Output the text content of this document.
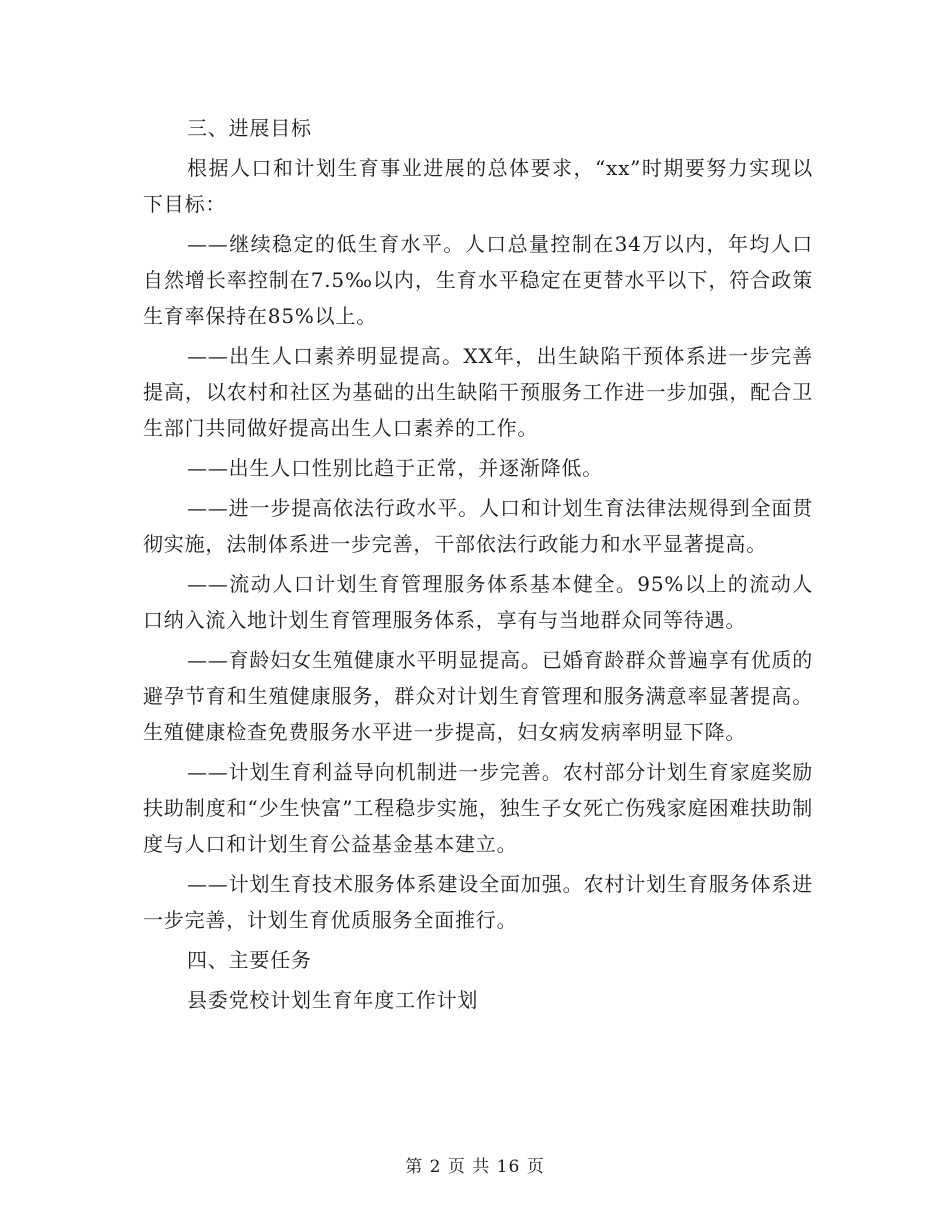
三、进展目标

根据人口和计划生育事业进展的总体要求，“xx”时期要努力实现以下目标：

——继续稳定的低生育水平。人口总量控制在34万以内，年均人口自然增长率控制在7.5‰以内，生育水平稳定在更替水平以下，符合政策生育率保持在85%以上。

——出生人口素养明显提高。XX年，出生缺陷干预体系进一步完善提高，以农村和社区为基础的出生缺陷干预服务工作进一步加强，配合卫生部门共同做好提高出生人口素养的工作。

——出生人口性别比趋于正常，并逐渐降低。

——进一步提高依法行政水平。人口和计划生育法律法规得到全面贯彻实施，法制体系进一步完善，干部依法行政能力和水平显著提高。

——流动人口计划生育管理服务体系基本健全。95%以上的流动人口纳入流入地计划生育管理服务体系，享有与当地群众同等待遇。

——育龄妇女生殖健康水平明显提高。已婚育龄群众普遍享有优质的避孕节育和生殖健康服务，群众对计划生育管理和服务满意率显著提高。生殖健康检查免费服务水平进一步提高，妇女病发病率明显下降。

——计划生育利益导向机制进一步完善。农村部分计划生育家庭奖励扶助制度和“少生快富”工程稳步实施，独生子女死亡伤残家庭困难扶助制度与人口和计划生育公益基金基本建立。

——计划生育技术服务体系建设全面加强。农村计划生育服务体系进一步完善，计划生育优质服务全面推行。

四、主要任务

县委党校计划生育年度工作计划

第 2 页 共 16 页
